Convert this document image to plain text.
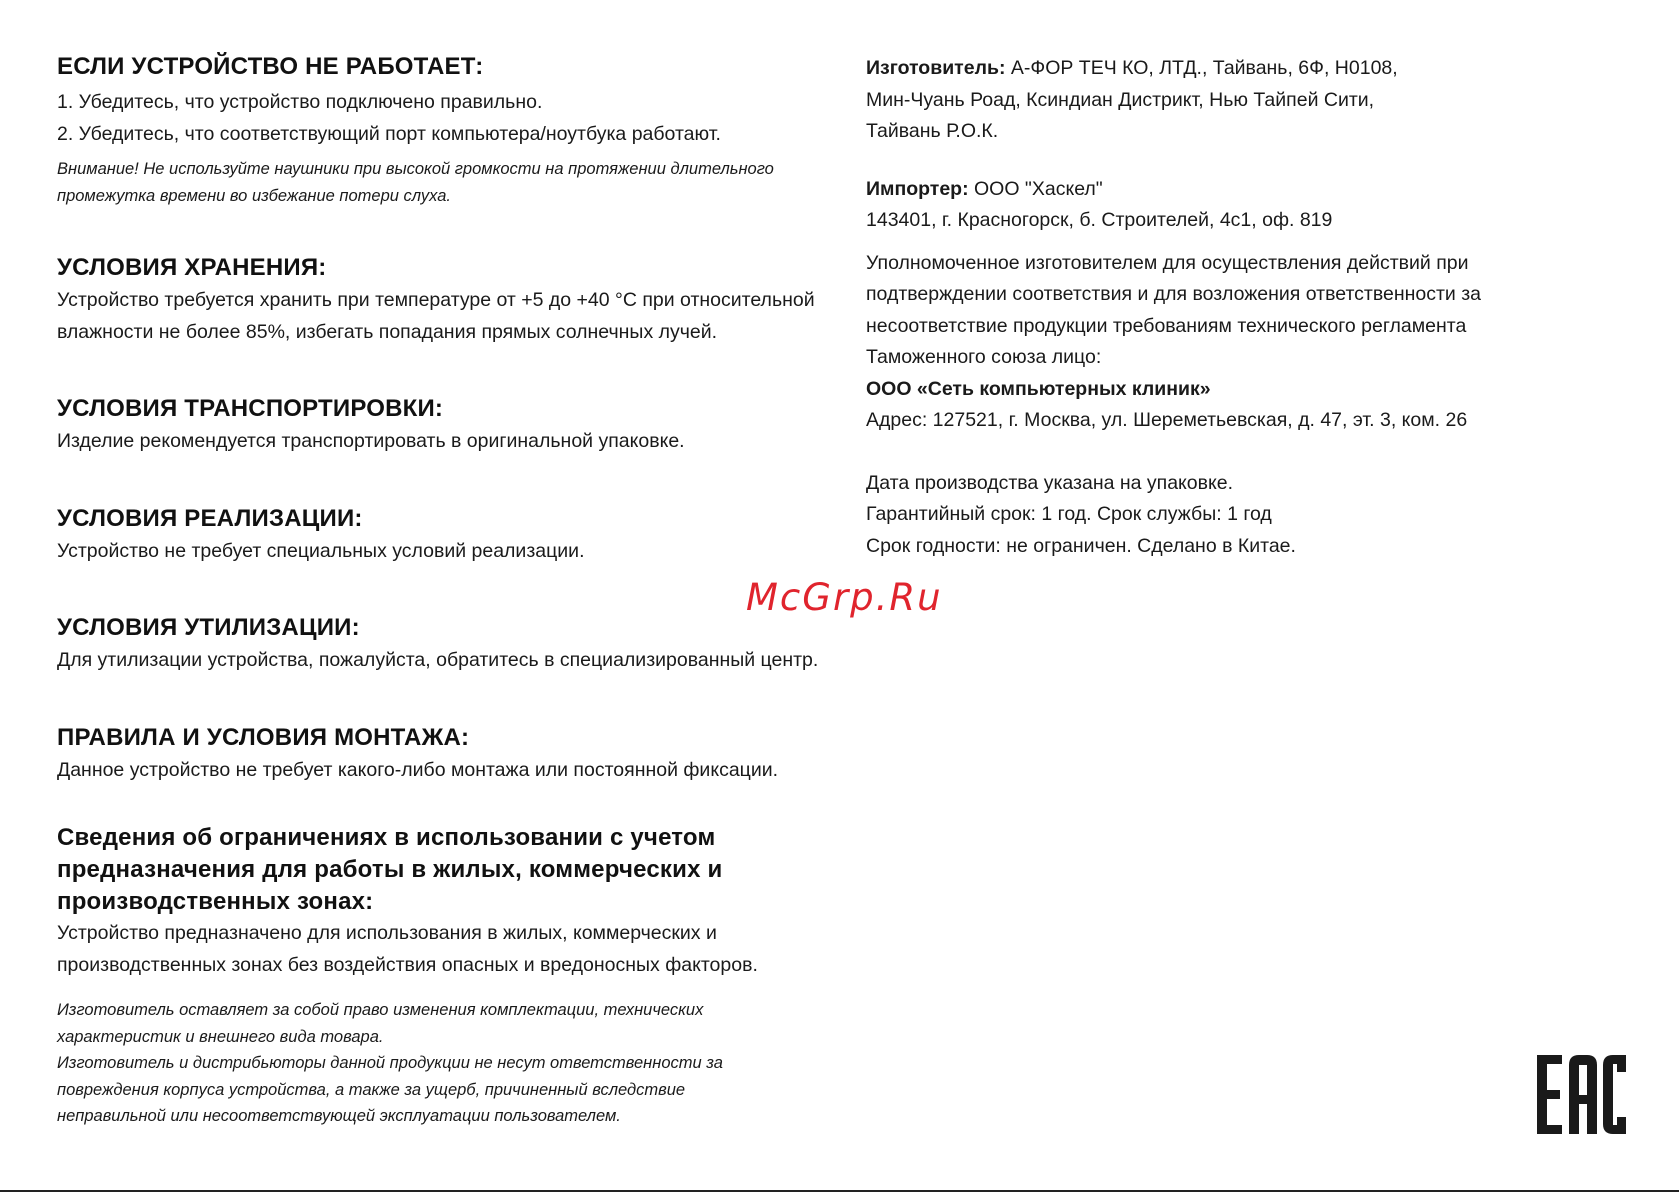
ЕСЛИ УСТРОЙСТВО НЕ РАБОТАЕТ:

1. Убедитесь, что устройство подключено правильно.

2. Убедитесь, что соответствующий порт компьютера/ноутбука работают.

Внимание! Не используйте наушники при высокой громкости на протяжении длительного

промежутка времени во избежание потери слуха.

УСЛОВИЯ ХРАНЕНИЯ:

Устройство требуется хранить при температуре от +5 до +40 °С при относительной

влажности не более 85%, избегать попадания прямых солнечных лучей.

УСЛОВИЯ ТРАНСПОРТИРОВКИ:

Изделие рекомендуется транспортировать в оригинальной упаковке.

УСЛОВИЯ РЕАЛИЗАЦИИ:

Устройство не требует специальных условий реализации.

УСЛОВИЯ УТИЛИЗАЦИИ:

Для утилизации устройства, пожалуйста, обратитесь в специализированный центр.

ПРАВИЛА И УСЛОВИЯ МОНТАЖА:

Данное устройство не требует какого-либо монтажа или постоянной фиксации.

Сведения об ограничениях в использовании с учетом
предназначения для работы в жилых, коммерческих и
производственных зонах:

Устройство предназначено для использования в жилых, коммерческих и

производственных зонах без воздействия опасных и вредоносных факторов.

Изготовитель оставляет за собой право изменения комплектации, технических

характеристик и внешнего вида товара.

Изготовитель и дистрибьюторы данной продукции не несут ответственности за

повреждения корпуса устройства, а также за ущерб, причиненный вследствие

неправильной или несоответствующей эксплуатации пользователем.

Изготовитель: А-ФОР ТЕЧ КО, ЛТД., Тайвань, 6Ф, Н0108,

Мин-Чуань Роад, Ксиндиан Дистрикт, Нью Тайпей Сити,

Тайвань Р.О.К.

Импортер: ООО "Хаскел"

143401, г. Красногорск, б. Строителей, 4с1, оф. 819

Уполномоченное изготовителем для осуществления действий при

подтверждении соответствия и для возложения ответственности за

несоответствие продукции требованиям технического регламента

Таможенного союза лицо:

ООО «Сеть компьютерных клиник»

Адрес: 127521, г. Москва, ул. Шереметьевская, д. 47, эт. 3, ком. 26

Дата производства указана на упаковке.

Гарантийный срок: 1 год. Срок службы: 1 год

Срок годности: не ограничен. Сделано в Китае.

McGrp.Ru
